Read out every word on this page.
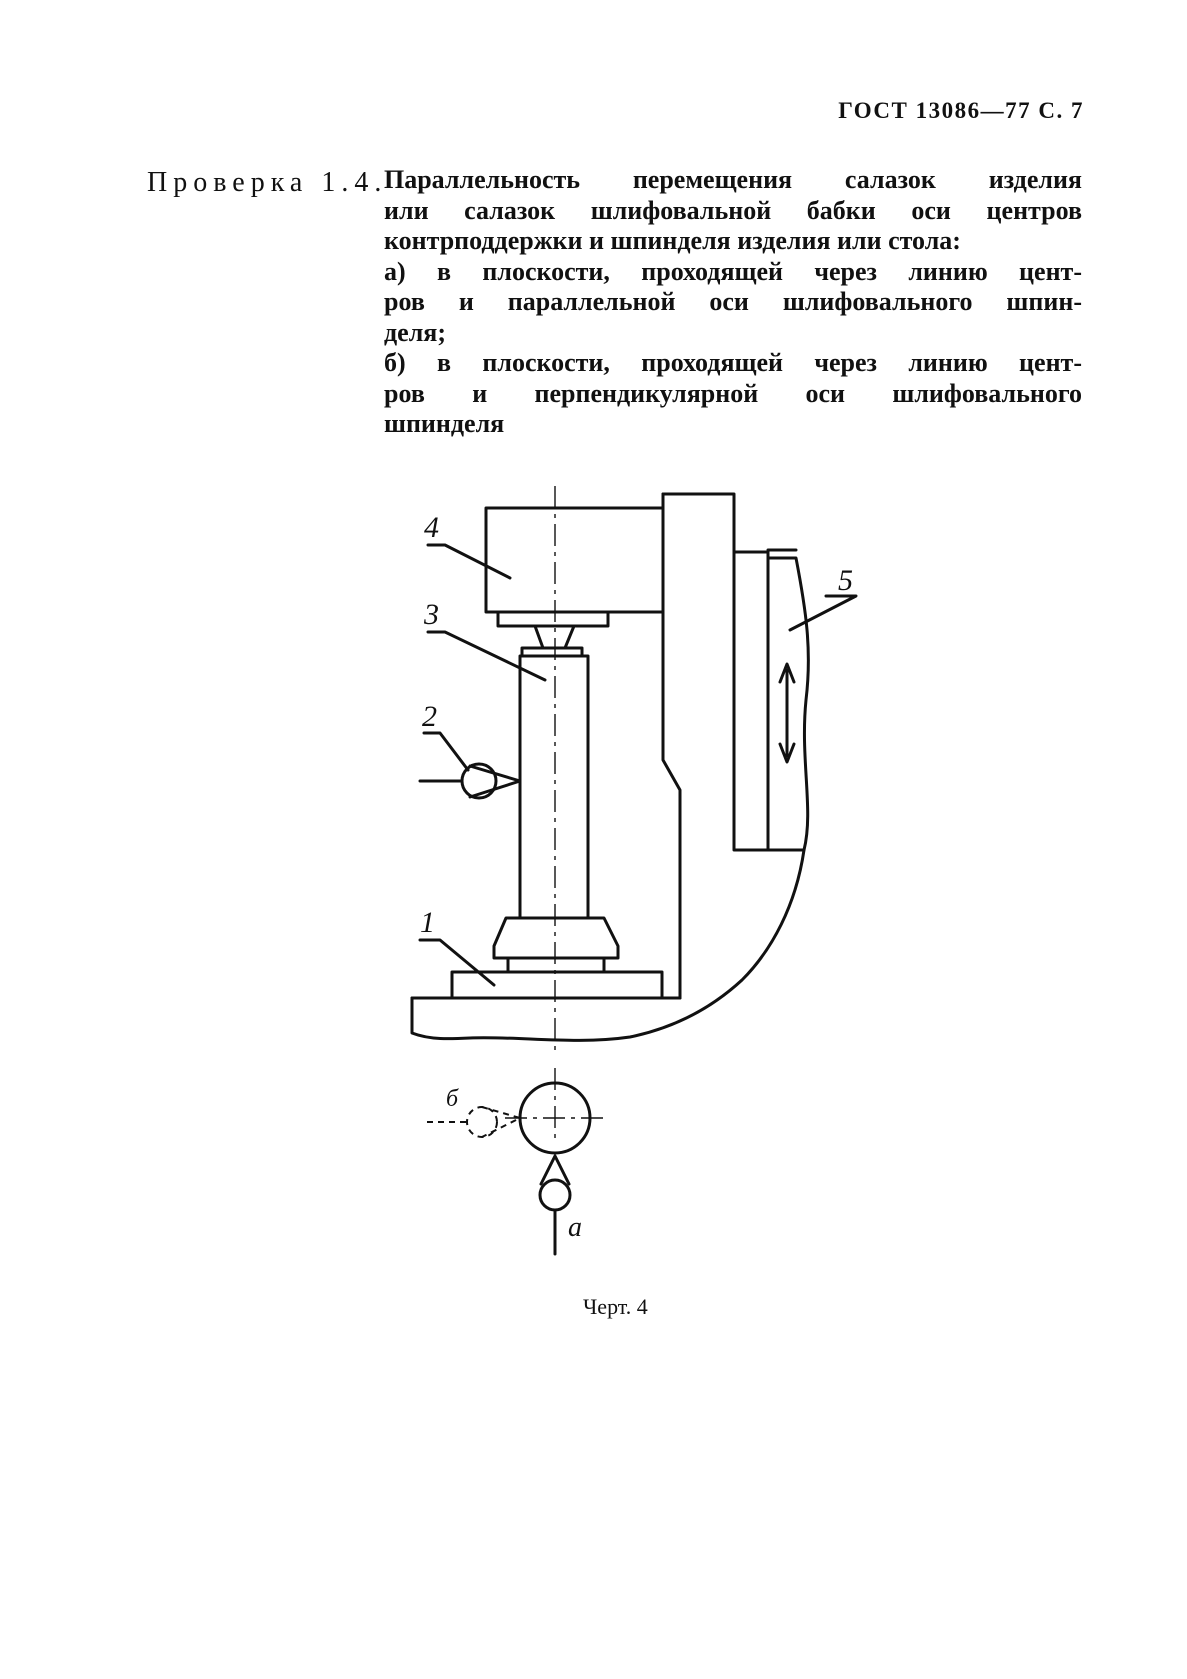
ГОСТ 13086—77 С. 7
Проверка 1.4.
Параллельность перемещения салазок изделия
или салазок шлифовальной бабки оси центров
контрподдержки и шпинделя изделия или стола:
а) в плоскости, проходящей через линию цент-
ров и параллельной оси шлифовального шпин-
деля;
б) в плоскости, проходящей через линию цент-
ров и перпендикулярной оси шлифовального
шпинделя
4
3
2
1
5
б
а
Черт. 4
